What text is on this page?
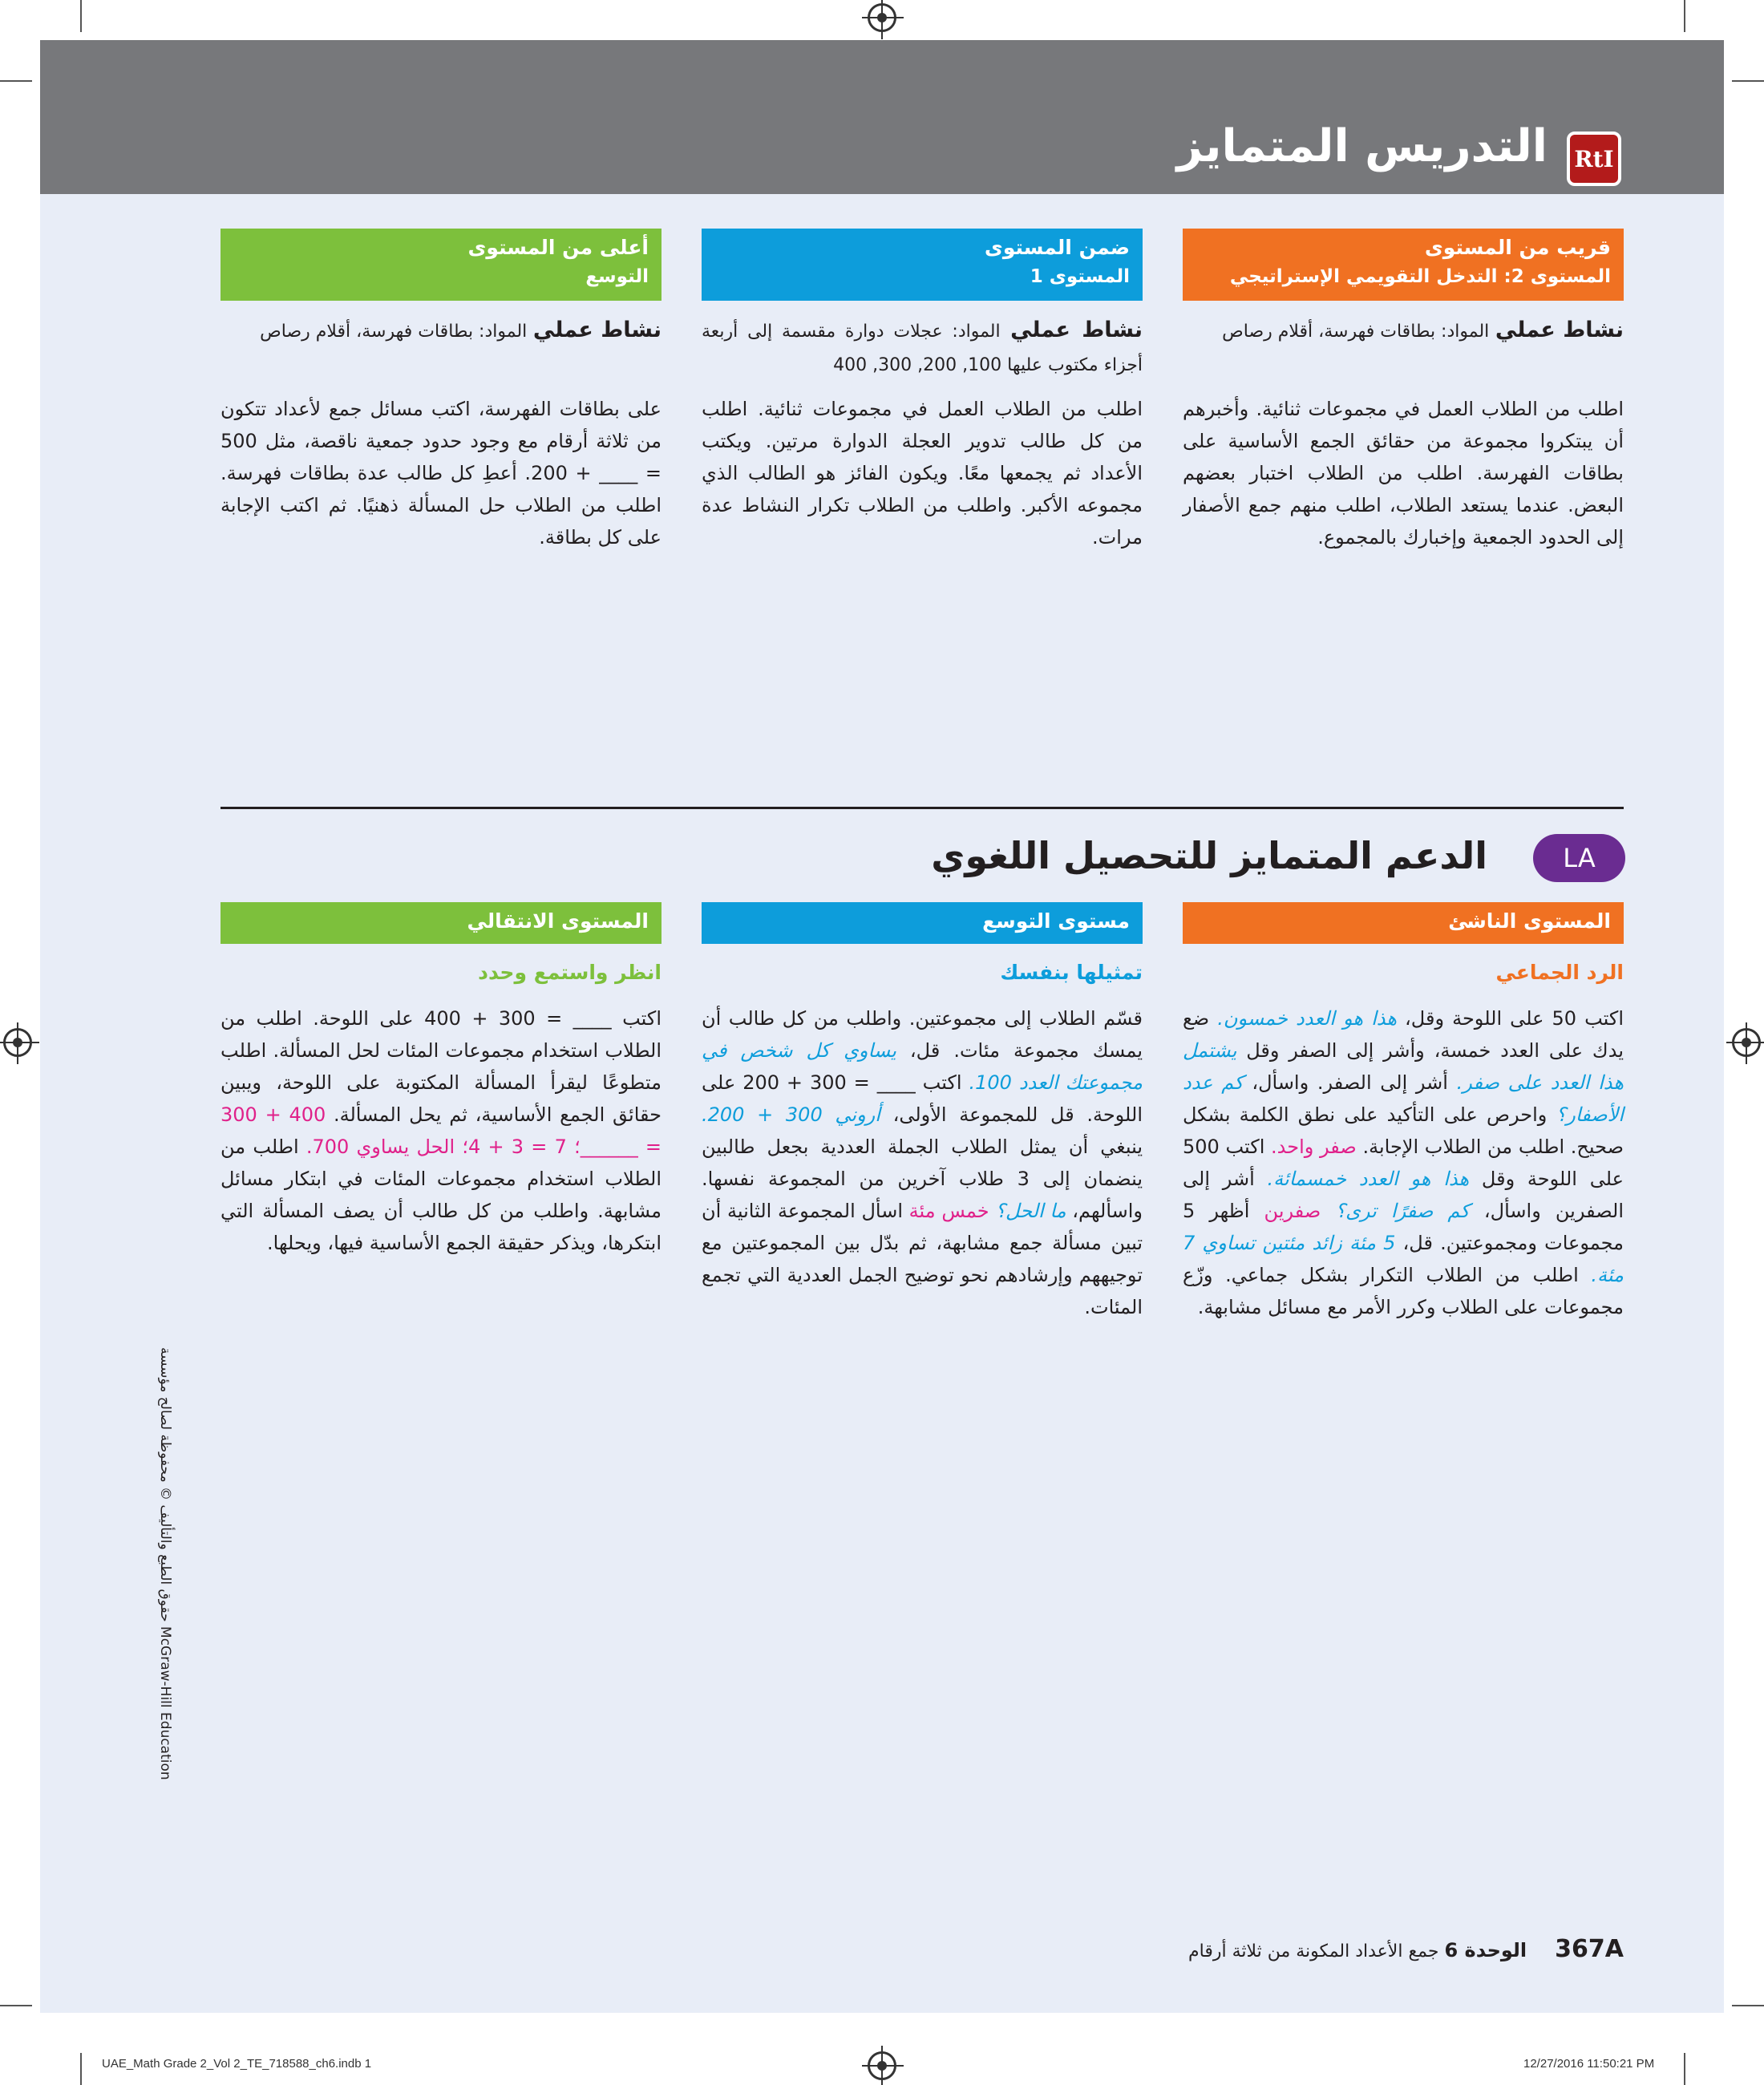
التدريس المتمايز	RtI
قريب من المستوى
المستوى 2: التدخل التقويمي الإستراتيجي
ضمن المستوى
المستوى 1
أعلى من المستوى
التوسع
نشاط عملي المواد: بطاقات فهرسة، أقلام رصاص
نشاط عملي المواد: عجلات دوارة مقسمة إلى أربعة أجزاء مكتوب عليها 100, 200, 300, 400
نشاط عملي المواد: بطاقات فهرسة، أقلام رصاص
اطلب من الطلاب العمل في مجموعات ثنائية. وأخبرهم أن يبتكروا مجموعة من حقائق الجمع الأساسية على بطاقات الفهرسة. اطلب من الطلاب اختبار بعضهم البعض. عندما يستعد الطلاب، اطلب منهم جمع الأصفار إلى الحدود الجمعية وإخبارك بالمجموع.
اطلب من الطلاب العمل في مجموعات ثنائية. اطلب من كل طالب تدوير العجلة الدوارة مرتين. ويكتب الأعداد ثم يجمعها معًا. ويكون الفائز هو الطالب الذي مجموعه الأكبر. واطلب من الطلاب تكرار النشاط عدة مرات.
على بطاقات الفهرسة، اكتب مسائل جمع لأعداد تتكون من ثلاثة أرقام مع وجود حدود جمعية ناقصة، مثل 500 = ____ + 200. أعطِ كل طالب عدة بطاقات فهرسة. اطلب من الطلاب حل المسألة ذهنيًا. ثم اكتب الإجابة على كل بطاقة.
الدعم المتمايز للتحصيل اللغوي	LA
المستوى الناشئ
مستوى التوسع
المستوى الانتقالي
الرد الجماعي
تمثيلها بنفسك
انظر واستمع وحدد
اكتب 50 على اللوحة وقل، هذا هو العدد خمسون. ضع يدك على العدد خمسة، وأشر إلى الصفر وقل يشتمل هذا العدد على صفر. أشر إلى الصفر. واسأل، كم عدد الأصفار؟ واحرص على التأكيد على نطق الكلمة بشكل صحيح. اطلب من الطلاب الإجابة. صفر واحد. اكتب 500 على اللوحة وقل هذا هو العدد خمسمائة. أشر إلى الصفرين واسأل، كم صفرًا ترى؟ صفرين أظهر 5 مجموعات ومجموعتين. قل، 5 مئة زائد مئتين تساوي 7 مئة. اطلب من الطلاب التكرار بشكل جماعي. وزّع مجموعات على الطلاب وكرر الأمر مع مسائل مشابهة.
قسّم الطلاب إلى مجموعتين. واطلب من كل طالب أن يمسك مجموعة مئات. قل، يساوي كل شخص في مجموعتك العدد 100. اكتب ____ = 300 + 200 على اللوحة. قل للمجموعة الأولى، أروني 300 + 200. ينبغي أن يمثل الطلاب الجملة العددية بجعل طالبين ينضمان إلى 3 طلاب آخرين من المجموعة نفسها. واسألهم، ما الحل؟ خمس مئة اسأل المجموعة الثانية أن تبين مسألة جمع مشابهة، ثم بدّل بين المجموعتين مع توجيههم وإرشادهم نحو توضيح الجمل العددية التي تجمع المئات.
اكتب ____ = 300 + 400 على اللوحة. اطلب من الطلاب استخدام مجموعات المئات لحل المسألة. اطلب متطوعًا ليقرأ المسألة المكتوبة على اللوحة، ويبين حقائق الجمع الأساسية، ثم يحل المسألة. 400 + 300 = ______؛ 7 = 3 + 4؛ الحل يساوي 700. اطلب من الطلاب استخدام مجموعات المئات في ابتكار مسائل مشابهة. واطلب من كل طالب أن يصف المسألة التي ابتكرها، ويذكر حقيقة الجمع الأساسية فيها، ويحلها.
حقوق الطبع والتأليف © محفوظة لصالح مؤسسة McGraw-Hill Education
367A الوحدة 6 جمع الأعداد المكونة من ثلاثة أرقام
UAE_Math Grade 2_Vol 2_TE_718588_ch6.indb 1	12/27/2016 11:50:21 PM
